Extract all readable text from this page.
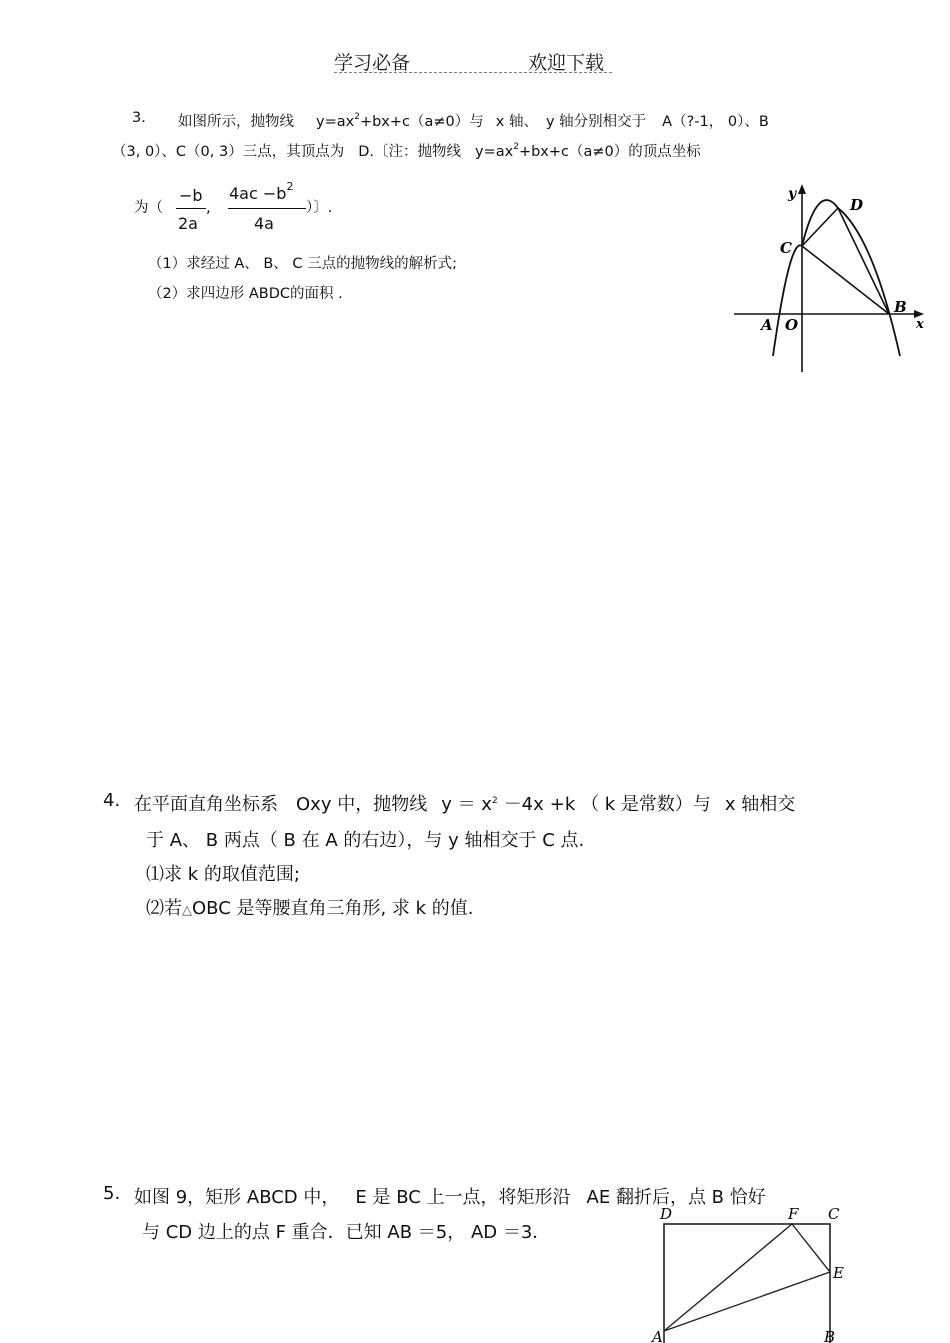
学习必备	欢迎下载
3. 如图所示，抛物线 $y=ax^2+bx+c(a\ne 0)$与 x 轴、 y 轴分别相交于 A（?-1， 0）、B
（3, 0）、C（0, 3）三点，其顶点为 D.〔注：抛物线 $y=ax^2+bx+c(a\ne 0)$的顶点坐标
为（
−b
2a
,
$4ac -b^2$
4a
）〕.
（1）求经过 A、 B、 C 三点的抛物线的解析式;
（2）求四边形 ABDC的面积 .
y
x
C
D
B
A O
4. 在平面直角坐标系 Oxy 中，抛物线 $y = x^2 -4x +k$ （ k 是常数）与 x 轴相交
于 A、 B 两点（ B 在 A 的右边），与 y 轴相交于 C 点.
⑴求 k 的取值范围;
⑵若△OBC 是等腰直角三角形, 求 k 的值.
5. 如图 9，矩形 ABCD 中， E 是 BC 上一点，将矩形沿 AE 翻折后，点 B 恰好
与 CD 边上的点 F 重合．已知 AB ＝5， AD ＝3．
D	F C
E
A	B
